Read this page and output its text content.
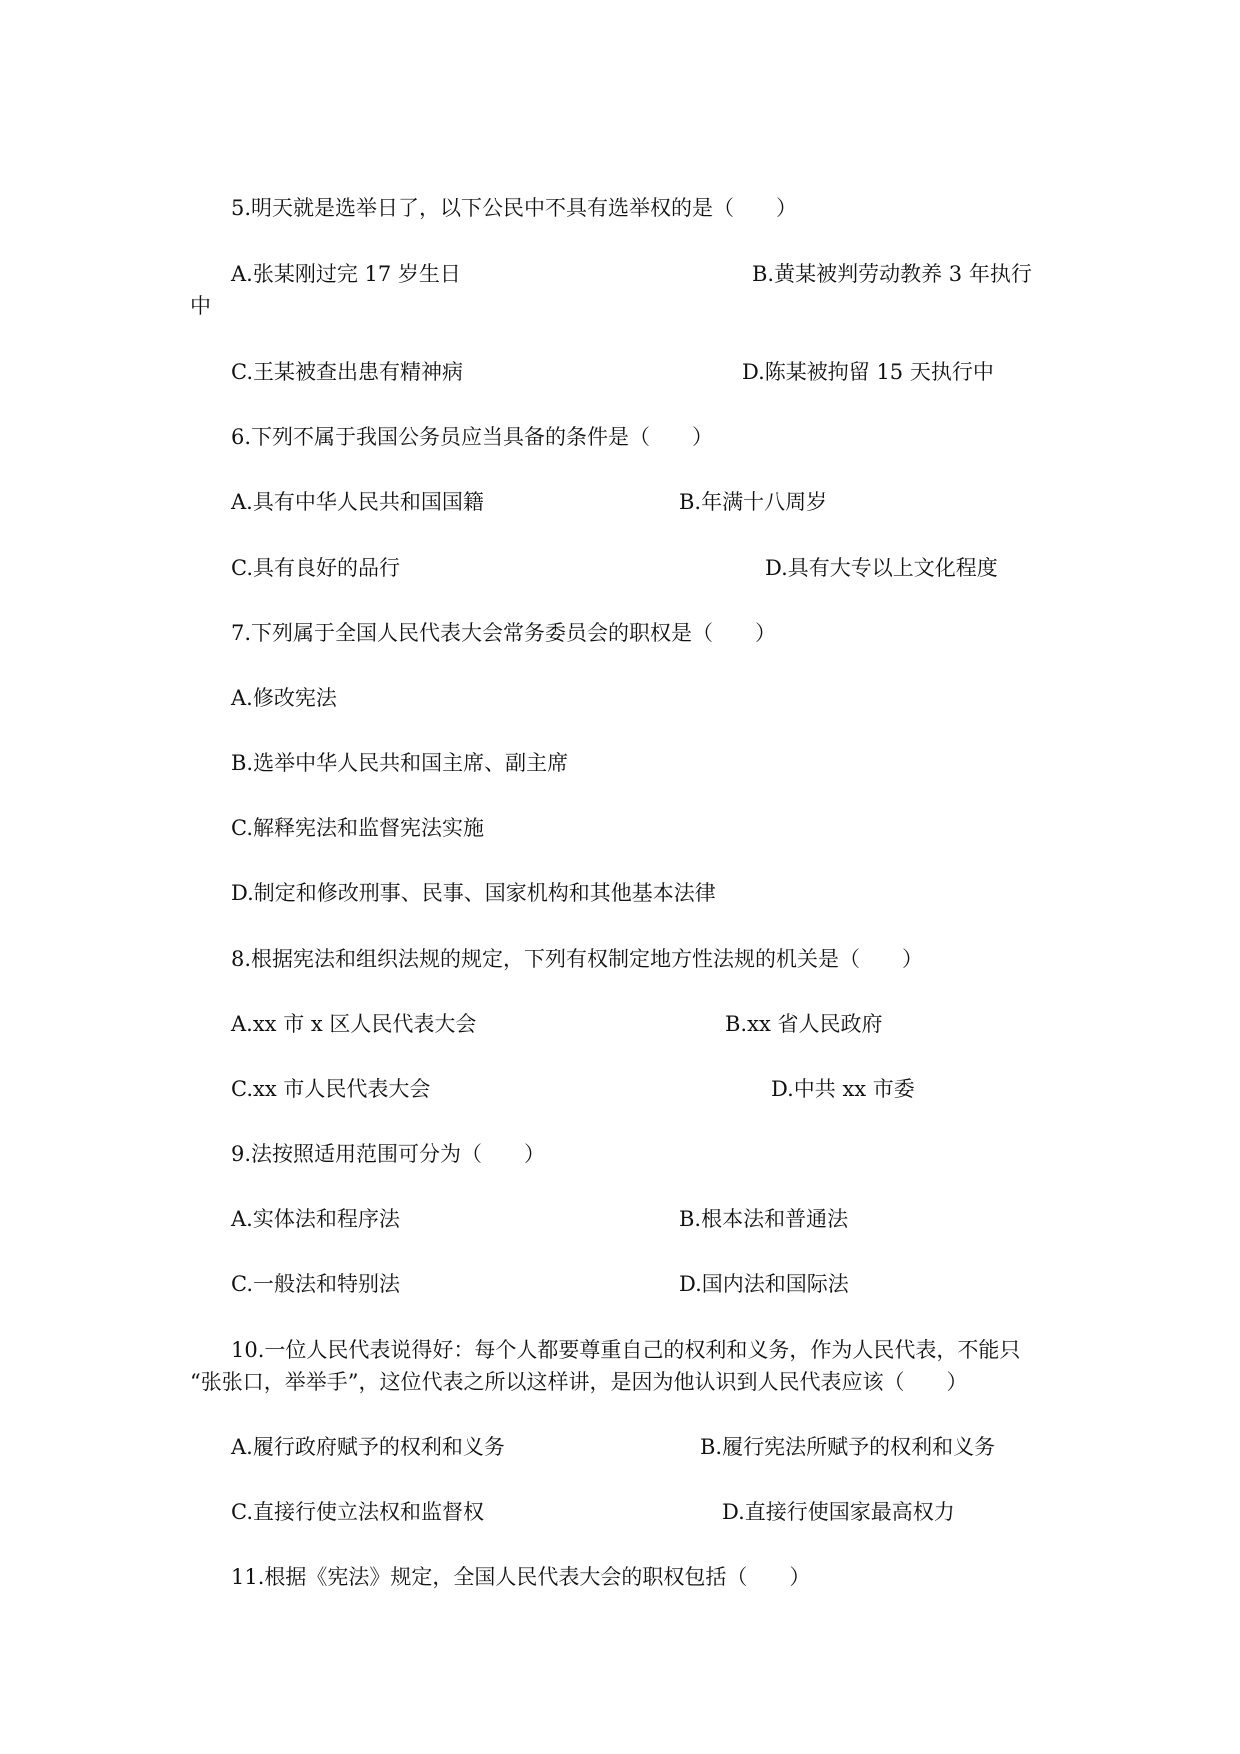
5.明天就是选举日了，以下公民中不具有选举权的是（　　）
A.张某刚过完 17 岁生日	B.黄某被判劳动教养 3 年执行
中
C.王某被查出患有精神病	D.陈某被拘留 15 天执行中
6.下列不属于我国公务员应当具备的条件是（　　）
A.具有中华人民共和国国籍	B.年满十八周岁
C.具有良好的品行	D.具有大专以上文化程度
7.下列属于全国人民代表大会常务委员会的职权是（　　）
A.修改宪法
B.选举中华人民共和国主席、副主席
C.解释宪法和监督宪法实施
D.制定和修改刑事、民事、国家机构和其他基本法律
8.根据宪法和组织法规的规定，下列有权制定地方性法规的机关是（　　）
A.xx 市 x 区人民代表大会	B.xx 省人民政府
C.xx 市人民代表大会	D.中共 xx 市委
9.法按照适用范围可分为（　　）
A.实体法和程序法	B.根本法和普通法
C.一般法和特别法	D.国内法和国际法
10.一位人民代表说得好：每个人都要尊重自己的权利和义务，作为人民代表，不能只
“张张口，举举手”，这位代表之所以这样讲，是因为他认识到人民代表应该（　　）
A.履行政府赋予的权利和义务	B.履行宪法所赋予的权利和义务
C.直接行使立法权和监督权	D.直接行使国家最高权力
11.根据《宪法》规定，全国人民代表大会的职权包括（　　）
